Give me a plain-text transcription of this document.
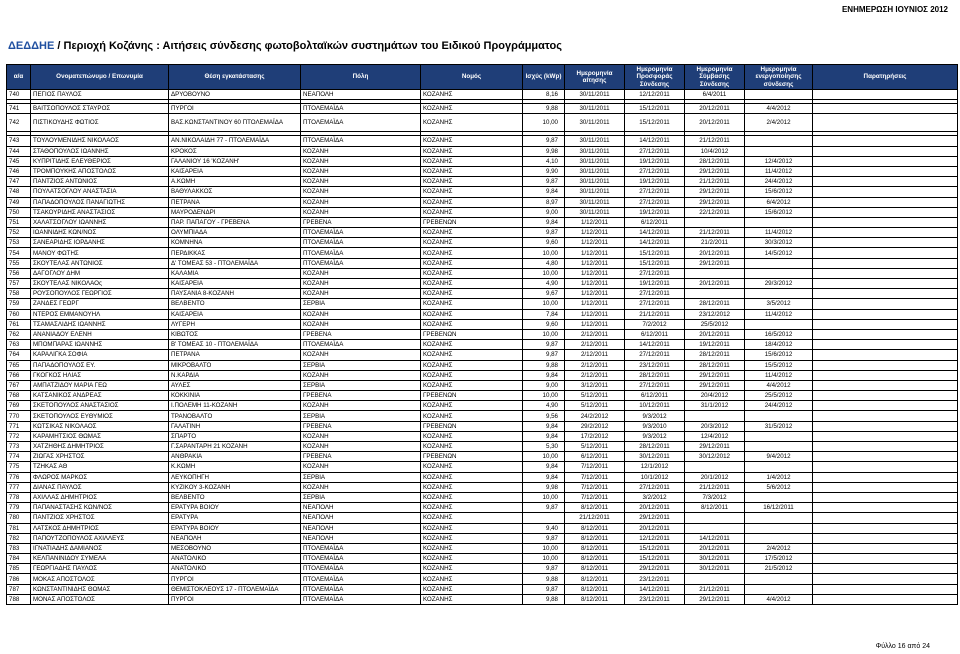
ΕΝΗΜΕΡΩΣΗ ΙΟΥΝΙΟΣ 2012
ΔΕΔΔΗΕ / Περιοχή Κοζάνης : Αιτήσεις σύνδεσης φωτοβολταϊκών συστημάτων του Ειδικού Προγράμματος
α/α	Ονοματεπώνυμο / Επωνυμία	Θέση εγκατάστασης	Πόλη	Νομός	Ισχύς (kWp)	Ημερομηνία αίτησης	Ημερομηνία Προσφοράς Σύνδεσης	Ημερομηνία Σύμβασης Σύνδεσης	Ημερομηνία ενεργοποίησης σύνδεσης	Παρατηρήσεις
740	ΠΕΓΙΟΣ ΠΑΥΛΟΣ	ΔΡΥΟΒΟΥΝΟ	ΝΕΑΠΟΛΗ	ΚΟΖΑΝΗΣ	8,16	30/11/2011	12/12/2011	6/4/2011		

741	ΒΑΙΤΣΟΠΟΥΛΟΣ ΣΤΑΥΡΟΣ	ΠΥΡΓΟΙ	ΠΤΟΛΕΜΑΪΔΑ	ΚΟΖΑΝΗΣ	9,88	30/11/2011	15/12/2011	20/12/2011	4/4/2012	
742	ΠΙΣΤΙΚΟΥΔΗΣ ΦΩΤΙΟΣ	ΒΑΣ.ΚΩΝΣΤΑΝΤΙΝΟΥ 60 ΠΤΟΛΕΜΑΪΔΑ	ΠΤΟΛΕΜΑΪΔΑ	ΚΟΖΑΝΗΣ	10,00	30/11/2011	15/12/2011	20/12/2011	2/4/2012	

743	ΤΟΥΛΟΥΜΕΝΙΔΗΣ ΝΙΚΟΛΑΟΣ	ΑΝ.ΝΙΚΟΛΑΙΔΗ 77 - ΠΤΟΛΕΜΑΪΔΑ	ΠΤΟΛΕΜΑΪΔΑ	ΚΟΖΑΝΗΣ	9,87	30/11/2011	14/12/2011	21/12/2011		
744	ΣΤΑΘΟΠΟΥΛΟΣ ΙΩΑΝΝΗΣ	ΚΡΟΚΟΣ	ΚΟΖΑΝΗ	ΚΟΖΑΝΗΣ	9,98	30/11/2011	27/12/2011	10/4/2012		
745	ΚΥΠΡΙΤΙΔΗΣ ΕΛΕΥΘΕΡΙΟΣ	ΓΑΛΑΝΙΟΥ 16 'ΚΟΖΑΝΗ'	ΚΟΖΑΝΗ	ΚΟΖΑΝΗΣ	4,10	30/11/2011	19/12/2011	28/12/2011	12/4/2012	
746	ΤΡΟΜΠΟΥΚΗΣ ΑΠΟΣΤΟΛΟΣ	ΚΑΙΣΑΡΕΙΑ	ΚΟΖΑΝΗ	ΚΟΖΑΝΗΣ	9,90	30/11/2011	27/12/2011	29/12/2011	11/4/2012	
747	ΠΑΝΤΖΙΟΣ ΑΝΤΩΝΙΟΣ	Α.ΚΩΜΗ	ΚΟΖΑΝΗ	ΚΟΖΑΝΗΣ	9,87	30/11/2011	19/12/2011	21/12/2011	24/4/2012	
748	ΠΟΥΛΑΤΣΟΓΛΟΥ ΑΝΑΣΤΑΣΙΑ	ΒΑΘΥΛΑΚΚΟΣ	ΚΟΖΑΝΗ	ΚΟΖΑΝΗΣ	9,84	30/11/2011	27/12/2011	29/12/2011	15/6/2012	
749	ΠΑΠΑΔΟΠΟΥΛΟΣ ΠΑΝΑΓΙΩΤΗΣ	ΠΕΤΡΑΝΑ	ΚΟΖΑΝΗ	ΚΟΖΑΝΗΣ	8,97	30/11/2011	27/12/2011	29/12/2011	6/4/2012	
750	ΤΣΑΚΟΥΡΙΔΗΣ ΑΝΑΣΤΑΣΙΟΣ	ΜΑΥΡΟΔΕΝΔΡΙ	ΚΟΖΑΝΗ	ΚΟΖΑΝΗΣ	9,00	30/11/2011	19/12/2011	22/12/2011	15/6/2012	
751	ΧΑΛΑΤΣΟΓΛΟΥ ΙΩΑΝΝΗΣ	ΠΑΡ. ΠΑΠΑΓΟΥ - ΓΡΕΒΕΝΑ	ΓΡΕΒΕΝΑ	ΓΡΕΒΕΝΩΝ	9,84	1/12/2011	6/12/2011			
752	ΙΩΑΝΝΙΔΗΣ ΚΩΝ/ΝΟΣ	ΟΛΥΜΠΙΑΔΑ	ΠΤΟΛΕΜΑΪΔΑ	ΚΟΖΑΝΗΣ	9,87	1/12/2011	14/12/2011	21/12/2011	11/4/2012	
753	ΣΑΝΕΑΡΙΔΗΣ ΙΟΡΔΑΝΗΣ	ΚΟΜΝΗΝΑ	ΠΤΟΛΕΜΑΪΔΑ	ΚΟΖΑΝΗΣ	9,60	1/12/2011	14/12/2011	21/2/2011	30/3/2012	
754	ΜΑΝΟΥ ΦΩΤΗΣ	ΠΕΡΔΙΚΚΑΣ	ΠΤΟΛΕΜΑΪΔΑ	ΚΟΖΑΝΗΣ	10,00	1/12/2011	15/12/2011	20/12/2011	14/5/2012	
755	ΣΚΟΥΤΕΛΑΣ ΑΝΤΩΝΙΟΣ	Δ' ΤΟΜΕΑΣ 53 - ΠΤΟΛΕΜΑΪΔΑ	ΠΤΟΛΕΜΑΪΔΑ	ΚΟΖΑΝΗΣ	4,80	1/12/2011	15/12/2011	29/12/2011		
756	ΔΑΓΟΓΛΟΥ ΔΗΜ	ΚΑΛΑΜΙΑ	ΚΟΖΑΝΗ	ΚΟΖΑΝΗΣ	10,00	1/12/2011	27/12/2011			
757	ΣΚΟΥΤΕΛΑΣ ΝΙΚΟΛΑΟς	ΚΑΙΣΑΡΕΙΑ	ΚΟΖΑΝΗ	ΚΟΖΑΝΗΣ	4,90	1/12/2011	19/12/2011	20/12/2011	29/3/2012	
758	ΡΟΥΣΟΠΟΥΛΟΣ ΓΕΩΡΓΙΟΣ	ΠΑΥΣΑΝΙΑ 8-ΚΟΖΑΝΗ	ΚΟΖΑΝΗ	ΚΟΖΑΝΗΣ	9,67	1/12/2011	27/12/2011			
759	ΖΑΝΔΕΣ ΓΕΩΡΓ	ΒΕΛΒΕΝΤΟ	ΣΕΡΒΙΑ	ΚΟΖΑΝΗΣ	10,00	1/12/2011	27/12/2011	28/12/2011	3/5/2012	
760	ΝΤΕΡΟΣ ΕΜΜΑΝΟΥΗΛ	ΚΑΙΣΑΡΕΙΑ	ΚΟΖΑΝΗ	ΚΟΖΑΝΗΣ	7,84	1/12/2011	21/12/2011	23/12/2012	11/4/2012	
761	ΤΣΑΜΑΣΛΙΔΗΣ ΙΩΑΝΝΗΣ	ΛΥΓΕΡΗ	ΚΟΖΑΝΗ	ΚΟΖΑΝΗΣ	9,60	1/12/2011	7/2/2012	25/5/2012		
762	ΑΝΑΝΙΑΔΟΥ ΕΛΕΝΗ	ΚΙΒΩΤΟΣ	ΓΡΕΒΕΝΑ	ΓΡΕΒΕΝΩΝ	10,00	2/12/2011	6/12/2011	20/12/2011	16/5/2012	
763	ΜΠΟΜΠΑΡΑΣ ΙΩΑΝΝΗΣ	Β' ΤΟΜΕΑΣ 10 - ΠΤΟΛΕΜΑΪΔΑ	ΠΤΟΛΕΜΑΪΔΑ	ΚΟΖΑΝΗΣ	9,87	2/12/2011	14/12/2011	19/12/2011	18/4/2012	
764	ΚΑΡΑΛΙΓΚΑ ΣΟΦΙΑ	ΠΕΤΡΑΝΑ	ΚΟΖΑΝΗ	ΚΟΖΑΝΗΣ	9,87	2/12/2011	27/12/2011	28/12/2011	15/6/2012	
765	ΠΑΠΑΔΟΠΟΥΛΟΣ ΕΥ.	ΜΙΚΡΟΒΑΛΤΟ	ΣΕΡΒΙΑ	ΚΟΖΑΝΗΣ	9,88	2/12/2011	23/12/2011	28/12/2011	15/5/2012	
766	ΓΚΟΓΚΟΣ ΗΛΙΑΣ	Ν.ΚΑΡΔΙΑ	ΚΟΖΑΝΗ	ΚΟΖΑΝΗΣ	9,84	2/12/2011	28/12/2011	29/12/2011	11/4/2012	
767	ΑΜΠΑΤΖΙΔΟΥ ΜΑΡΙΑ ΓΕΩ	ΑΥΛΕΣ	ΣΕΡΒΙΑ	ΚΟΖΑΝΗΣ	9,00	3/12/2011	27/12/2011	29/12/2011	4/4/2012	
768	ΚΑΤΣΑΝΙΚΟΣ ΑΝΔΡΕΑΣ	ΚΟΚΚΙΝΙΑ	ΓΡΕΒΕΝΑ	ΓΡΕΒΕΝΩΝ	10,00	5/12/2011	6/12/2011	20/4/2012	25/5/2012	
769	ΣΚΕΤΟΠΟΥΛΟΣ ΑΝΑΣΤΑΣΙΟΣ	Ι.ΠΟΛΕΜΗ 11-ΚΟΖΑΝΗ	ΚΟΖΑΝΗ	ΚΟΖΑΝΗΣ	4,90	5/12/2011	10/12/2011	31/1/2012	24/4/2012	
770	ΣΚΕΤΟΠΟΥΛΟΣ ΕΥΘΥΜΙΟΣ	ΤΡΑΝΟΒΑΛΤΟ	ΣΕΡΒΙΑ	ΚΟΖΑΝΗΣ	9,56	24/2/2012	9/3/2012			
771	ΚΩΤΣΙΚΑΣ ΝΙΚΟΛΑΟΣ	ΓΑΛΑΤΙΝΗ	ΓΡΕΒΕΝΑ	ΓΡΕΒΕΝΩΝ	9,84	29/2/2012	9/3/2010	20/3/2012	31/5/2012	
772	ΚΑΡΑΜΗΤΣΙΟΣ ΘΩΜΑΣ	ΣΠΑΡΤΟ	ΚΟΖΑΝΗ	ΚΟΖΑΝΗΣ	9,84	17/2/2012	9/3/2012	12/4/2012		
773	ΧΑΤΖΗΘΗΣ ΔΗΜΗΤΡΙΟΣ	Γ.ΣΑΡΑΝΤΑΡΗ 21 ΚΟΖΑΝΗ	ΚΟΖΑΝΗ	ΚΟΖΑΝΗΣ	5,30	5/12/2011	28/12/2011	29/12/2011		
774	ΖΙΩΓΑΣ ΧΡΗΣΤΟΣ	ΑΝΘΡΑΚΙΑ	ΓΡΕΒΕΝΑ	ΓΡΕΒΕΝΩΝ	10,00	6/12/2011	30/12/2011	30/12/2012	9/4/2012	
775	ΤΖΗΚΑΣ ΑΘ	Κ.ΚΩΜΗ	ΚΟΖΑΝΗ	ΚΟΖΑΝΗΣ	9,84	7/12/2011	12/1/2012			
776	ΦΛΩΡΟΣ ΜΑΡΚΟΣ	ΛΕΥΚΟΠΗΓΗ	ΣΕΡΒΙΑ	ΚΟΖΑΝΗΣ	9,84	7/12/2011	10/1/2012	20/1/2012	1/4/2012	
777	ΔΙΑΝΑΣ ΠΑΥΛΟΣ	ΚΥΖΙΚΟΥ 3-ΚΟΖΑΝΗ	ΚΟΖΑΝΗ	ΚΟΖΑΝΗΣ	9,98	7/12/2011	27/12/2011	21/12/2011	5/6/2012	
778	ΑΧΙΛΛΑΣ ΔΗΜΗΤΡΙΟΣ	ΒΕΛΒΕΝΤΟ	ΣΕΡΒΙΑ	ΚΟΖΑΝΗΣ	10,00	7/12/2011	3/2/2012	7/3/2012		
779	ΠΑΠΑΝΑΣΤΑΣΗΣ ΚΩΝ/ΝΟΣ	ΕΡΑΤΥΡΑ ΒΟΙΟΥ	ΝΕΑΠΟΛΗ	ΚΟΖΑΝΗΣ	9,87	8/12/2011	20/12/2011	8/12/2011	16/12/2011	
780	ΠΑΝΤΖΙΟΣ ΧΡΗΣΤΟΣ	ΕΡΑΤΥΡΑ	ΝΕΑΠΟΛΗ	ΚΟΖΑΝΗΣ		21/12/2011	29/12/2011			
781	ΛΑΤΣΚΟΣ ΔΗΜΗΤΡΙΟΣ	ΕΡΑΤΥΡΑ ΒΟΙΟΥ	ΝΕΑΠΟΛΗ	ΚΟΖΑΝΗΣ	9,40	8/12/2011	20/12/2011			
782	ΠΑΠΟΥΤΖΟΠΟΥΛΟΣ ΑΧΙΛΛΕΥΣ	ΝΕΑΠΟΛΗ	ΝΕΑΠΟΛΗ	ΚΟΖΑΝΗΣ	9,87	8/12/2011	12/12/2011	14/12/2011		
783	ΙΓΝΑΤΙΑΔΗΣ ΔΑΜΙΑΝΟΣ	ΜΕΣΟΒΟΥΝΟ	ΠΤΟΛΕΜΑΪΔΑ	ΚΟΖΑΝΗΣ	10,00	8/12/2011	15/12/2011	20/12/2011	2/4/2012	
784	ΚΕΛΠΑΝΙΝΙΔΟΥ ΣΥΜΕΛΑ	ΑΝΑΤΟΛΙΚΟ	ΠΤΟΛΕΜΑΪΔΑ	ΚΟΖΑΝΗΣ	10,00	8/12/2011	15/12/2011	30/12/2011	17/5/2012	
785	ΓΕΩΡΓΙΑΔΗΣ ΠΑΥΛΟΣ	ΑΝΑΤΟΛΙΚΟ	ΠΤΟΛΕΜΑΪΔΑ	ΚΟΖΑΝΗΣ	9,87	8/12/2011	29/12/2011	30/12/2011	21/5/2012	
786	ΜΟΚΑΣ ΑΠΟΣΤΟΛΟΣ	ΠΥΡΓΟΙ	ΠΤΟΛΕΜΑΪΔΑ	ΚΟΖΑΝΗΣ	9,88	8/12/2011	23/12/2011			
787	ΚΩΝΣΤΑΝΤΙΝΙΔΗΣ ΘΩΜΑΣ	ΘΕΜΙΣΤΟΚΛΕΟΥΣ 17 - ΠΤΟΛΕΜΑΪΔΑ	ΠΤΟΛΕΜΑΪΔΑ	ΚΟΖΑΝΗΣ	9,87	8/12/2011	14/12/2011	21/12/2011		
788	ΜΟΝΑΣ ΑΠΟΣΤΟΛΟΣ	ΠΥΡΓΟΙ	ΠΤΟΛΕΜΑΪΔΑ	ΚΟΖΑΝΗΣ	9,88	8/12/2011	23/12/2011	29/12/2011	4/4/2012	
Φύλλο 16 από 24
